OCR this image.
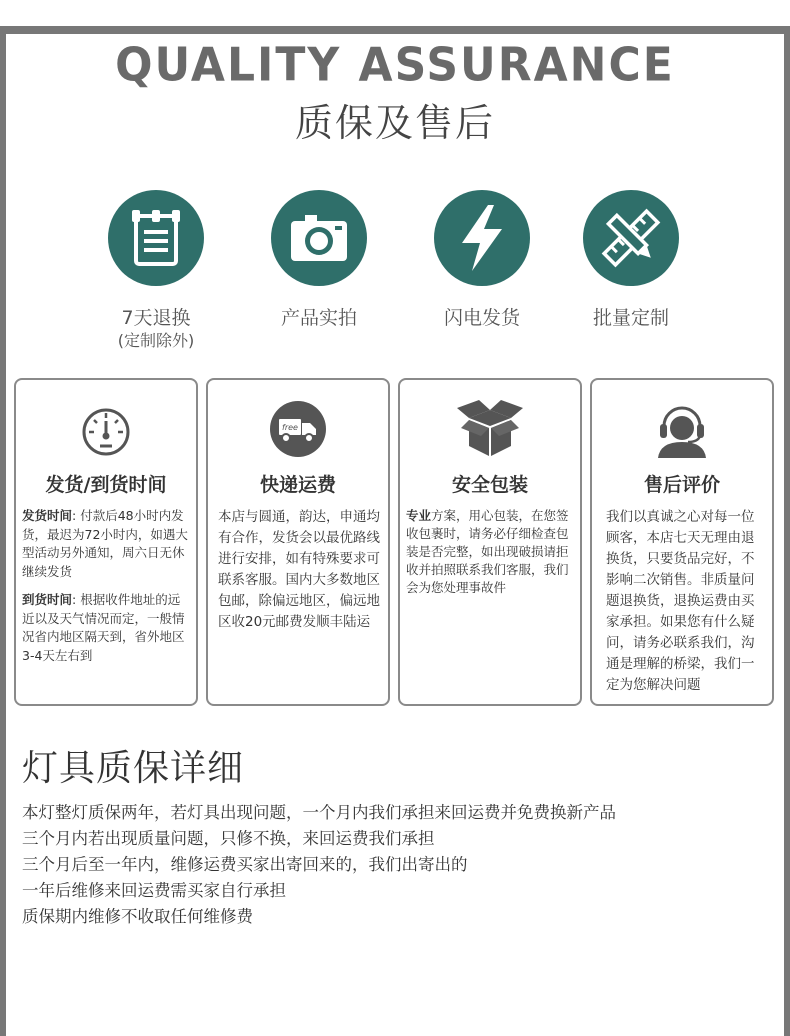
QUALITY ASSURANCE
质保及售后
7天退换
(定制除外)
产品实拍	闪电发货	批量定制
发货/到货时间

发货时间: 付款后48小时内发货，最迟为72小时内，如遇大型活动另外通知，周六日无休继续发货

到货时间: 根据收件地址的远近以及天气情况而定，一般情况省内地区隔天到，省外地区3-4天左右到

free
快递运费
本店与圆通，韵达，申通均有合作，发货会以最优路线进行安排，如有特殊要求可联系客服。国内大多数地区包邮，除偏远地区，偏远地区收20元邮费发顺丰陆运
安全包装

专业方案，用心包装，在您签收包裹时，请务必仔细检查包装是否完整，如出现破损请拒收并拍照联系我们客服，我们会为您处理事故件

售后评价
我们以真诚之心对每一位顾客，本店七天无理由退换货，只要货品完好，不影响二次销售。非质量问题退换货，退换运费由买家承担。如果您有什么疑问，请务必联系我们，沟通是理解的桥梁，我们一定为您解决问题
灯具质保详细
本灯整灯质保两年，若灯具出现问题，一个月内我们承担来回运费并免费换新产品
三个月内若出现质量问题，只修不换，来回运费我们承担
三个月后至一年内，维修运费买家出寄回来的，我们出寄出的
一年后维修来回运费需买家自行承担
质保期内维修不收取任何维修费
